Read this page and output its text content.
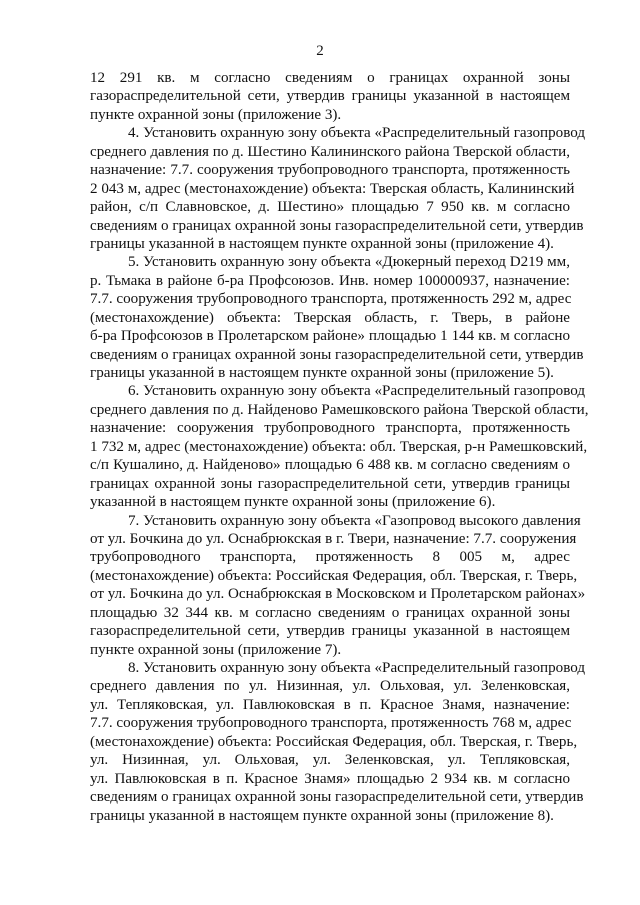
2
12 291 кв. м согласно сведениям о границах охранной зоны
газораспределительной сети, утвердив границы указанной в настоящем
пункте охранной зоны (приложение 3).
4. Установить охранную зону объекта «Распределительный газопровод
среднего давления по д. Шестино Калининского района Тверской области,
назначение: 7.7. сооружения трубопроводного транспорта, протяженность
2 043 м, адрес (местонахождение) объекта: Тверская область, Калининский
район, с/п Славновское, д. Шестино» площадью 7 950 кв. м согласно
сведениям о границах охранной зоны газораспределительной сети, утвердив
границы указанной в настоящем пункте охранной зоны (приложение 4).
5. Установить охранную зону объекта «Дюкерный переход D219 мм,
р. Тьмака в районе б-ра Профсоюзов. Инв. номер 100000937, назначение:
7.7. сооружения трубопроводного транспорта, протяженность 292 м, адрес
(местонахождение) объекта: Тверская область, г. Тверь, в районе
б-ра Профсоюзов в Пролетарском районе» площадью 1 144 кв. м согласно
сведениям о границах охранной зоны газораспределительной сети, утвердив
границы указанной в настоящем пункте охранной зоны (приложение 5).
6. Установить охранную зону объекта «Распределительный газопровод
среднего давления по д. Найденово Рамешковского района Тверской области,
назначение: сооружения трубопроводного транспорта, протяженность
1 732 м, адрес (местонахождение) объекта: обл. Тверская, р-н Рамешковский,
с/п Кушалино, д. Найденово» площадью 6 488 кв. м согласно сведениям о
границах охранной зоны газораспределительной сети, утвердив границы
указанной в настоящем пункте охранной зоны (приложение 6).
7. Установить охранную зону объекта «Газопровод высокого давления
от ул. Бочкина до ул. Оснабрюкская в г. Твери, назначение: 7.7. сооружения
трубопроводного транспорта, протяженность 8 005 м, адрес
(местонахождение) объекта: Российская Федерация, обл. Тверская, г. Тверь,
от ул. Бочкина до ул. Оснабрюкская в Московском и Пролетарском районах»
площадью 32 344 кв. м согласно сведениям о границах охранной зоны
газораспределительной сети, утвердив границы указанной в настоящем
пункте охранной зоны (приложение 7).
8. Установить охранную зону объекта «Распределительный газопровод
среднего давления по ул. Низинная, ул. Ольховая, ул. Зеленковская,
ул. Тепляковская, ул. Павлюковская в п. Красное Знамя, назначение:
7.7. сооружения трубопроводного транспорта, протяженность 768 м, адрес
(местонахождение) объекта: Российская Федерация, обл. Тверская, г. Тверь,
ул. Низинная, ул. Ольховая, ул. Зеленковская, ул. Тепляковская,
ул. Павлюковская в п. Красное Знамя» площадью 2 934 кв. м согласно
сведениям о границах охранной зоны газораспределительной сети, утвердив
границы указанной в настоящем пункте охранной зоны (приложение 8).
